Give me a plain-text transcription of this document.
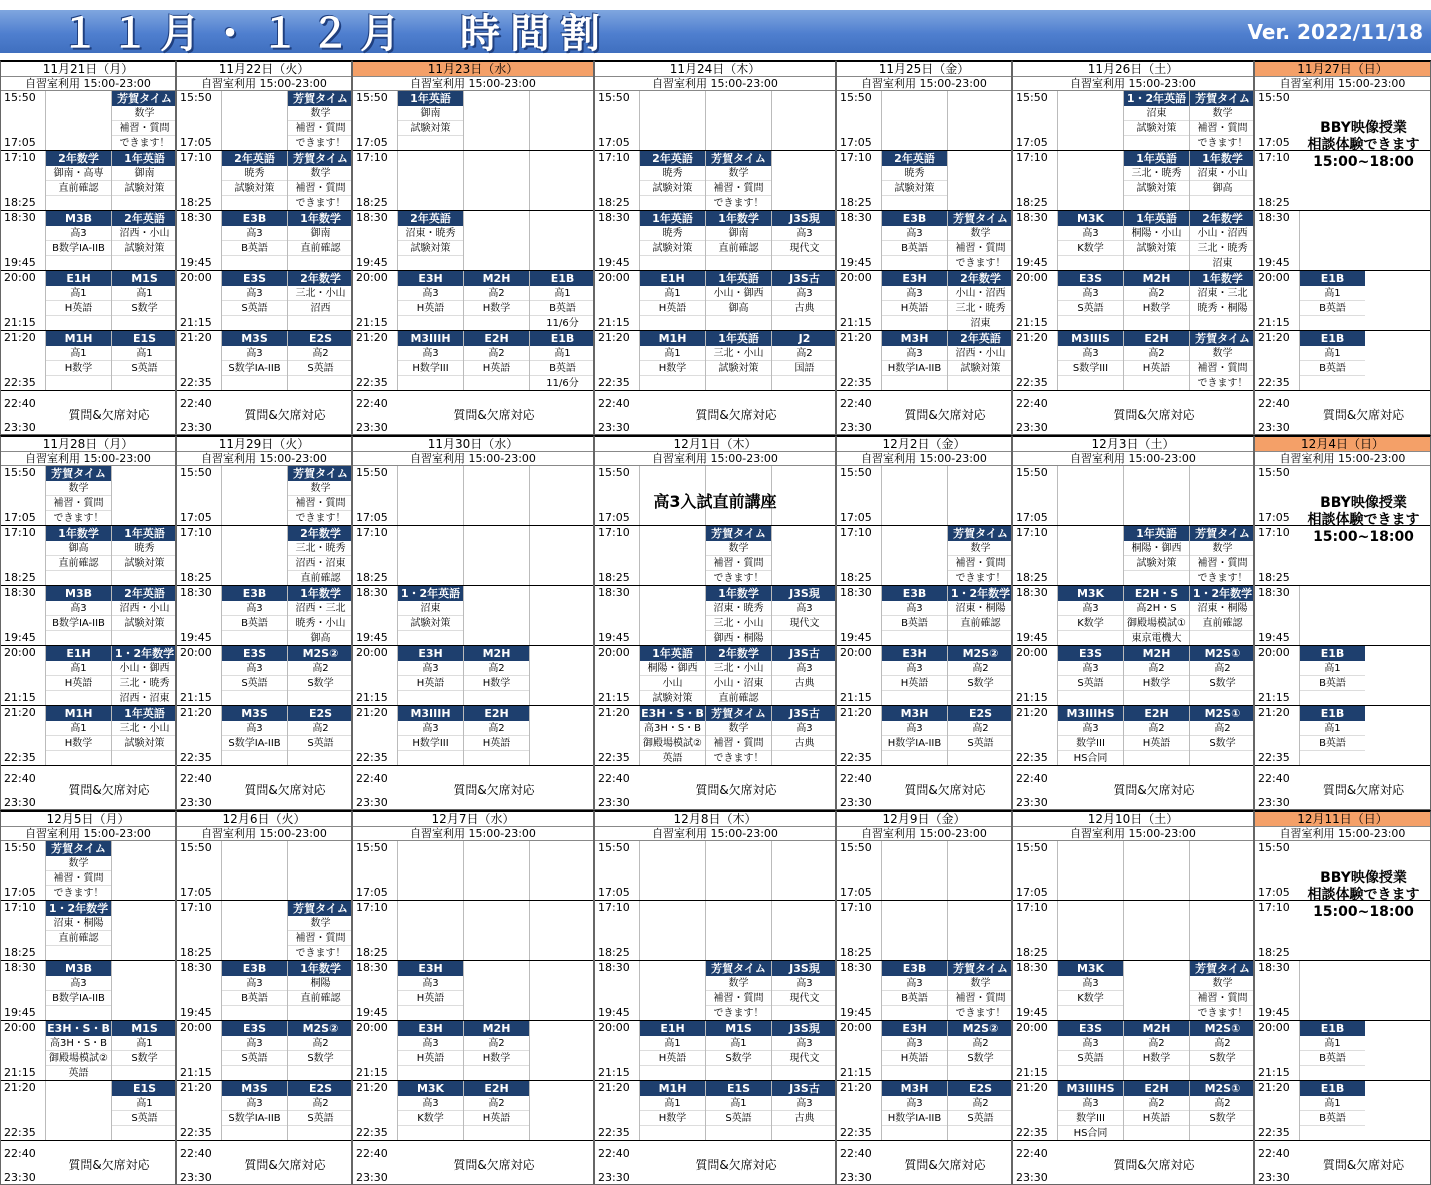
１１月・１２月　時間割	Ver. 2022/11/18
11月21日（月）
自習室利用 15:00-23:00
15:50
17:05
芳賀タイム
数学
補習・質問
できます！
17:10
18:25
2年数学
御南・高専
直前確認
1年英語
御南
試験対策
18:30
19:45
M3B
高3
B数学IA-IIB
2年英語
沼西・小山
試験対策
20:00
21:15
E1H
高1
H英語
M1S
高1
S数学
21:20
22:35
M1H
高1
H数学
E1S
高1
S英語
22:40
23:30
質問&欠席対応
11月22日（火）
自習室利用 15:00-23:00
15:50
17:05
芳賀タイム
数学
補習・質問
できます！
17:10
18:25
2年英語
暁秀
試験対策
芳賀タイム
数学
補習・質問
できます！
18:30
19:45
E3B
高3
B英語
1年数学
御南
直前確認
20:00
21:15
E3S
高3
S英語
2年数学
三北・小山
沼西
21:20
22:35
M3S
高3
S数学IA-IIB
E2S
高2
S英語
22:40
23:30
質問&欠席対応
11月23日（水）
自習室利用 15:00-23:00
15:50
17:05
1年英語
御南
試験対策
17:10
18:25
18:30
19:45
2年英語
沼東・暁秀
試験対策
20:00
21:15
E3H
高3
H英語
M2H
高2
H数学
E1B
高1
B英語
11/6分
21:20
22:35
M3IIIH
高3
H数学III
E2H
高2
H英語
E1B
高1
B英語
11/6分
22:40
23:30
質問&欠席対応
11月24日（木）
自習室利用 15:00-23:00
15:50
17:05
17:10
18:25
2年英語
暁秀
試験対策
芳賀タイム
数学
補習・質問
できます！
18:30
19:45
1年英語
暁秀
試験対策
1年数学
御南
直前確認
J3S現
高3
現代文
20:00
21:15
E1H
高1
H英語
1年英語
小山・御西
御高
J3S古
高3
古典
21:20
22:35
M1H
高1
H数学
1年英語
三北・小山
試験対策
J2
高2
国語
22:40
23:30
質問&欠席対応
11月25日（金）
自習室利用 15:00-23:00
15:50
17:05
17:10
18:25
2年英語
暁秀
試験対策
18:30
19:45
E3B
高3
B英語
芳賀タイム
数学
補習・質問
できます！
20:00
21:15
E3H
高3
H英語
2年数学
小山・沼西
三北・暁秀
沼東
21:20
22:35
M3H
高3
H数学IA-IIB
2年英語
沼西・小山
試験対策
22:40
23:30
質問&欠席対応
11月26日（土）
自習室利用 15:00-23:00
15:50
17:05
1・2年英語
沼東
試験対策
芳賀タイム
数学
補習・質問
できます！
17:10
18:25
1年英語
三北・暁秀
試験対策
1年数学
沼東・小山
御高
18:30
19:45
M3K
高3
K数学
1年英語
桐陽・小山
試験対策
2年数学
小山・沼西
三北・暁秀
沼東
20:00
21:15
E3S
高3
S英語
M2H
高2
H数学
1年数学
沼東・三北
暁秀・桐陽
21:20
22:35
M3IIIS
高3
S数学III
E2H
高2
H英語
芳賀タイム
数学
補習・質問
できます！
22:40
23:30
質問&欠席対応
11月27日（日）
自習室利用 15:00-23:00
15:50
17:05
17:10
18:25
18:30
19:45
20:00
21:15
E1B
高1
B英語
21:20
22:35
E1B
高1
B英語
BBY映像授業
相談体験できます
15:00~18:00
22:40
23:30
質問&欠席対応
11月28日（月）
自習室利用 15:00-23:00
15:50
17:05
芳賀タイム
数学
補習・質問
できます！
17:10
18:25
1年数学
御高
直前確認
1年英語
暁秀
試験対策
18:30
19:45
M3B
高3
B数学IA-IIB
2年英語
沼西・小山
試験対策
20:00
21:15
E1H
高1
H英語
1・2年数学
小山・御西
三北・暁秀
沼西・沼東
21:20
22:35
M1H
高1
H数学
1年英語
三北・小山
試験対策
22:40
23:30
質問&欠席対応
11月29日（火）
自習室利用 15:00-23:00
15:50
17:05
芳賀タイム
数学
補習・質問
できます！
17:10
18:25
2年数学
三北・暁秀
沼西・沼東
直前確認
18:30
19:45
E3B
高3
B英語
1年数学
沼西・三北
暁秀・小山
御高
20:00
21:15
E3S
高3
S英語
M2S②
高2
S数学
21:20
22:35
M3S
高3
S数学IA-IIB
E2S
高2
S英語
22:40
23:30
質問&欠席対応
11月30日（水）
自習室利用 15:00-23:00
15:50
17:05
17:10
18:25
18:30
19:45
1・2年英語
沼東
試験対策
20:00
21:15
E3H
高3
H英語
M2H
高2
H数学
21:20
22:35
M3IIIH
高3
H数学III
E2H
高2
H英語
22:40
23:30
質問&欠席対応
12月1日（木）
自習室利用 15:00-23:00
15:50
17:05
17:10
18:25
芳賀タイム
数学
補習・質問
できます！
18:30
19:45
1年数学
沼東・暁秀
三北・小山
御西・桐陽
J3S現
高3
現代文
20:00
21:15
1年英語
桐陽・御西
小山
試験対策
2年数学
三北・小山
小山・沼東
直前確認
J3S古
高3
古典
21:20
22:35
E3H・S・B
高3H・S・B
御殿場模試②
英語
芳賀タイム
数学
補習・質問
できます！
J3S古
高3
古典
高3入試直前講座
22:40
23:30
質問&欠席対応
12月2日（金）
自習室利用 15:00-23:00
15:50
17:05
17:10
18:25
芳賀タイム
数学
補習・質問
できます！
18:30
19:45
E3B
高3
B英語
1・2年数学
沼東・桐陽
直前確認
20:00
21:15
E3H
高3
H英語
M2S②
高2
S数学
21:20
22:35
M3H
高3
H数学IA-IIB
E2S
高2
S英語
22:40
23:30
質問&欠席対応
12月3日（土）
自習室利用 15:00-23:00
15:50
17:05
17:10
18:25
1年英語
桐陽・御西
試験対策
芳賀タイム
数学
補習・質問
できます！
18:30
19:45
M3K
高3
K数学
E2H・S
高2H・S
御殿場模試①
東京電機大
1・2年数学
沼東・桐陽
直前確認
20:00
21:15
E3S
高3
S英語
M2H
高2
H数学
M2S①
高2
S数学
21:20
22:35
M3IIIHS
高3
数学III
HS合同
E2H
高2
H英語
M2S①
高2
S数学
22:40
23:30
質問&欠席対応
12月4日（日）
自習室利用 15:00-23:00
15:50
17:05
17:10
18:25
18:30
19:45
20:00
21:15
E1B
高1
B英語
21:20
22:35
E1B
高1
B英語
BBY映像授業
相談体験できます
15:00~18:00
22:40
23:30
質問&欠席対応
12月5日（月）
自習室利用 15:00-23:00
15:50
17:05
芳賀タイム
数学
補習・質問
できます！
17:10
18:25
1・2年数学
沼東・桐陽
直前確認
18:30
19:45
M3B
高3
B数学IA-IIB
20:00
21:15
E3H・S・B
高3H・S・B
御殿場模試②
英語
M1S
高1
S数学
21:20
22:35
E1S
高1
S英語
22:40
23:30
質問&欠席対応
12月6日（火）
自習室利用 15:00-23:00
15:50
17:05
17:10
18:25
芳賀タイム
数学
補習・質問
できます！
18:30
19:45
E3B
高3
B英語
1年数学
桐陽
直前確認
20:00
21:15
E3S
高3
S英語
M2S②
高2
S数学
21:20
22:35
M3S
高3
S数学IA-IIB
E2S
高2
S英語
22:40
23:30
質問&欠席対応
12月7日（水）
自習室利用 15:00-23:00
15:50
17:05
17:10
18:25
18:30
19:45
E3H
高3
H英語
20:00
21:15
E3H
高3
H英語
M2H
高2
H数学
21:20
22:35
M3K
高3
K数学
E2H
高2
H英語
22:40
23:30
質問&欠席対応
12月8日（木）
自習室利用 15:00-23:00
15:50
17:05
17:10
18:25
18:30
19:45
芳賀タイム
数学
補習・質問
できます！
J3S現
高3
現代文
20:00
21:15
E1H
高1
H英語
M1S
高1
S数学
J3S現
高3
現代文
21:20
22:35
M1H
高1
H数学
E1S
高1
S英語
J3S古
高3
古典
22:40
23:30
質問&欠席対応
12月9日（金）
自習室利用 15:00-23:00
15:50
17:05
17:10
18:25
18:30
19:45
E3B
高3
B英語
芳賀タイム
数学
補習・質問
できます！
20:00
21:15
E3H
高3
H英語
M2S②
高2
S数学
21:20
22:35
M3H
高3
H数学IA-IIB
E2S
高2
S英語
22:40
23:30
質問&欠席対応
12月10日（土）
自習室利用 15:00-23:00
15:50
17:05
17:10
18:25
18:30
19:45
M3K
高3
K数学
芳賀タイム
数学
補習・質問
できます！
20:00
21:15
E3S
高3
S英語
M2H
高2
H数学
M2S①
高2
S数学
21:20
22:35
M3IIIHS
高3
数学III
HS合同
E2H
高2
H英語
M2S①
高2
S数学
22:40
23:30
質問&欠席対応
12月11日（日）
自習室利用 15:00-23:00
15:50
17:05
17:10
18:25
18:30
19:45
20:00
21:15
E1B
高1
B英語
21:20
22:35
E1B
高1
B英語
BBY映像授業
相談体験できます
15:00~18:00
22:40
23:30
質問&欠席対応
